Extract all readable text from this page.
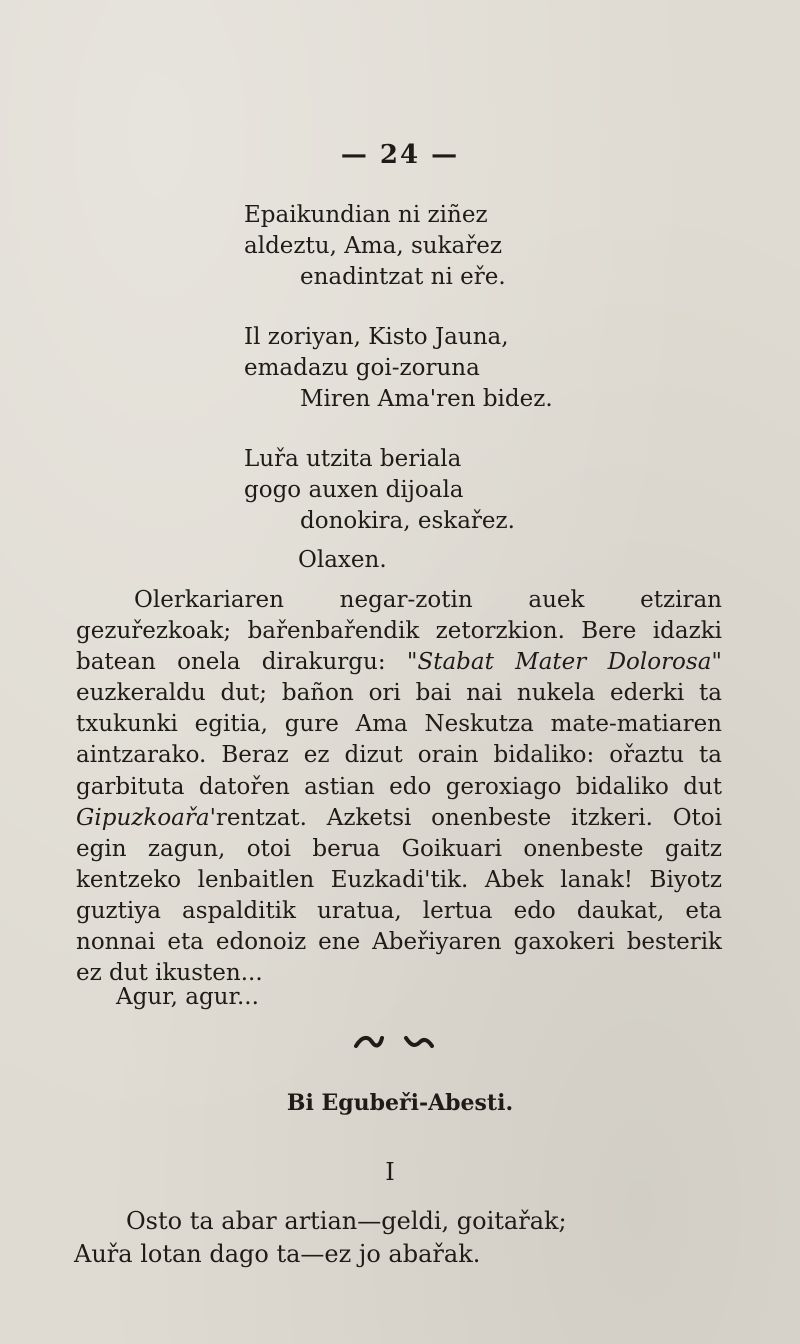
— 24 —
Epaikundian ni ziñez
aldeztu, Ama, sukařez
enadintzat ni eře.
Il zoriyan, Kisto Jauna,
emadazu goi-zoruna
Miren Ama'ren bidez.
Luřa utzita beriala
gogo auxen dijoala
donokira, eskařez.
Olaxen.

Olerkariaren negar-zotin auek etziran gezuřezkoak; bařenbařendik zetorzkion. Bere idazki batean onela dirakurgu: "Stabat Mater Dolorosa" euzkeraldu dut; bañon ori bai nai nukela ederki ta txukunki egitia, gure Ama Neskutza mate-matiaren aintzarako. Beraz ez dizut orain bidaliko: ořaztu ta garbituta datořen astian edo geroxiago bidaliko dut Gipuzkoařa'rentzat. Azketsi onenbeste itzkeri. Otoi egin zagun, otoi berua Goikuari onenbeste gaitz kentzeko lenbaitlen Euzkadi'tik. Abek lanak! Biyotz guztiya aspalditik uratua, lertua edo daukat, eta nonnai eta edonoiz ene Abeřiyaren gaxokeri besterik ez dut ikusten...

Agur, agur...
Bi Egubeři-Abesti.
I
Osto ta abar artian—geldi, goitařak;
Auřa lotan dago ta—ez jo abařak.
